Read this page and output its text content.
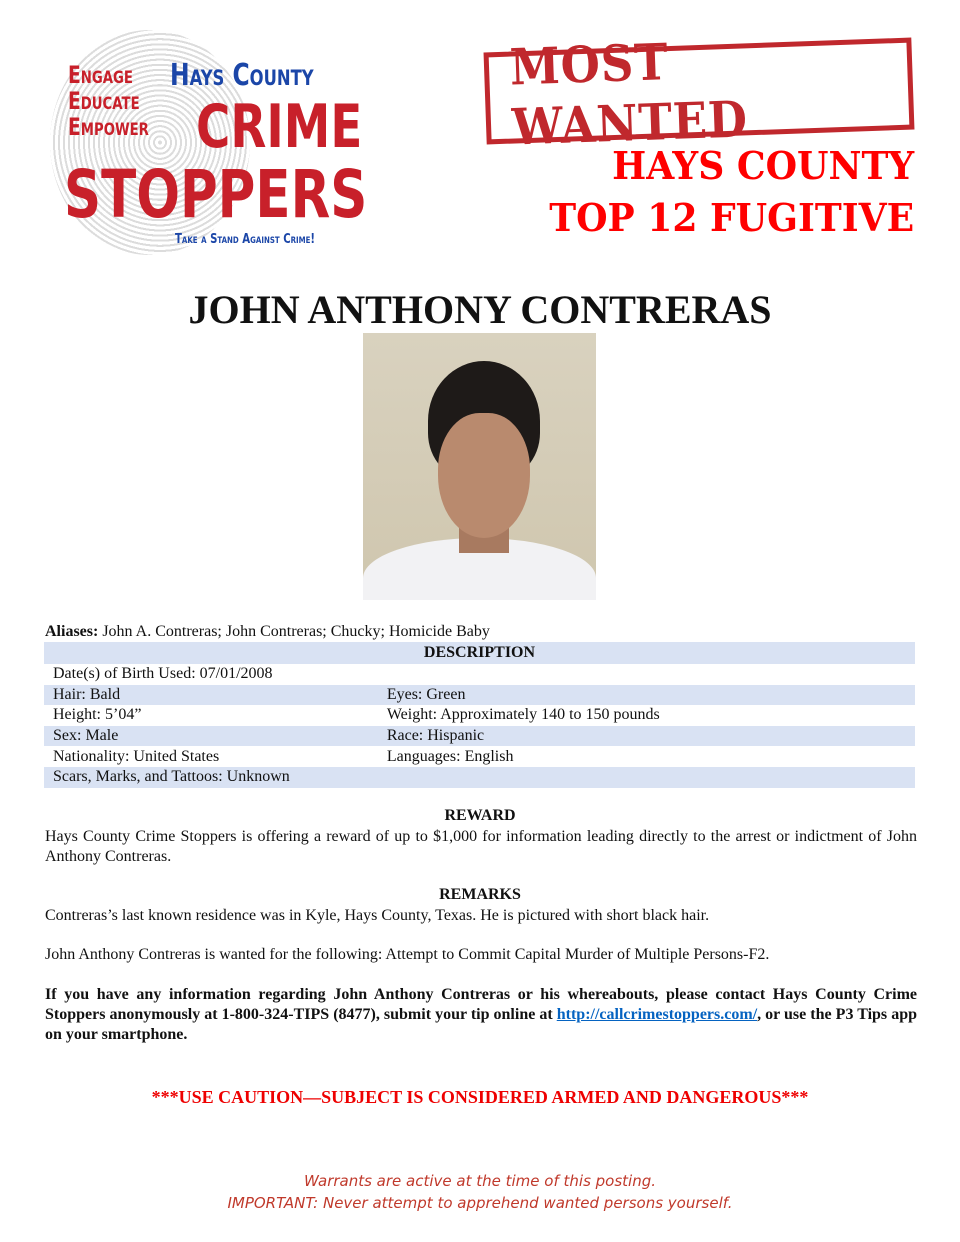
Engage
Educate
Empower
Hays County
CRIME
STOPPERS
Take a Stand Against Crime!
MOST WANTED
HAYS COUNTY
TOP 12 FUGITIVE
JOHN ANTHONY CONTRERAS
Aliases: John A. Contreras; John Contreras; Chucky; Homicide Baby
DESCRIPTION	
Date(s) of Birth Used: 07/01/2008	
Hair: Bald	Eyes: Green
Height: 5’04”	Weight: Approximately 140 to 150 pounds
Sex: Male	Race: Hispanic
Nationality: United States	Languages: English
Scars, Marks, and Tattoos: Unknown	
REWARD
Hays County Crime Stoppers is offering a reward of up to $1,000 for information leading directly to the arrest or indictment of John Anthony Contreras.
REMARKS
Contreras’s last known residence was in Kyle, Hays County, Texas. He is pictured with short black hair.
John Anthony Contreras is wanted for the following: Attempt to Commit Capital Murder of Multiple Persons-F2.
If you have any information regarding John Anthony Contreras or his whereabouts, please contact Hays County Crime Stoppers anonymously at 1-800-324-TIPS (8477), submit your tip online at http://callcrimestoppers.com/, or use the P3 Tips app on your smartphone.
***USE CAUTION—SUBJECT IS CONSIDERED ARMED AND DANGEROUS***
Warrants are active at the time of this posting.
IMPORTANT: Never attempt to apprehend wanted persons yourself.
